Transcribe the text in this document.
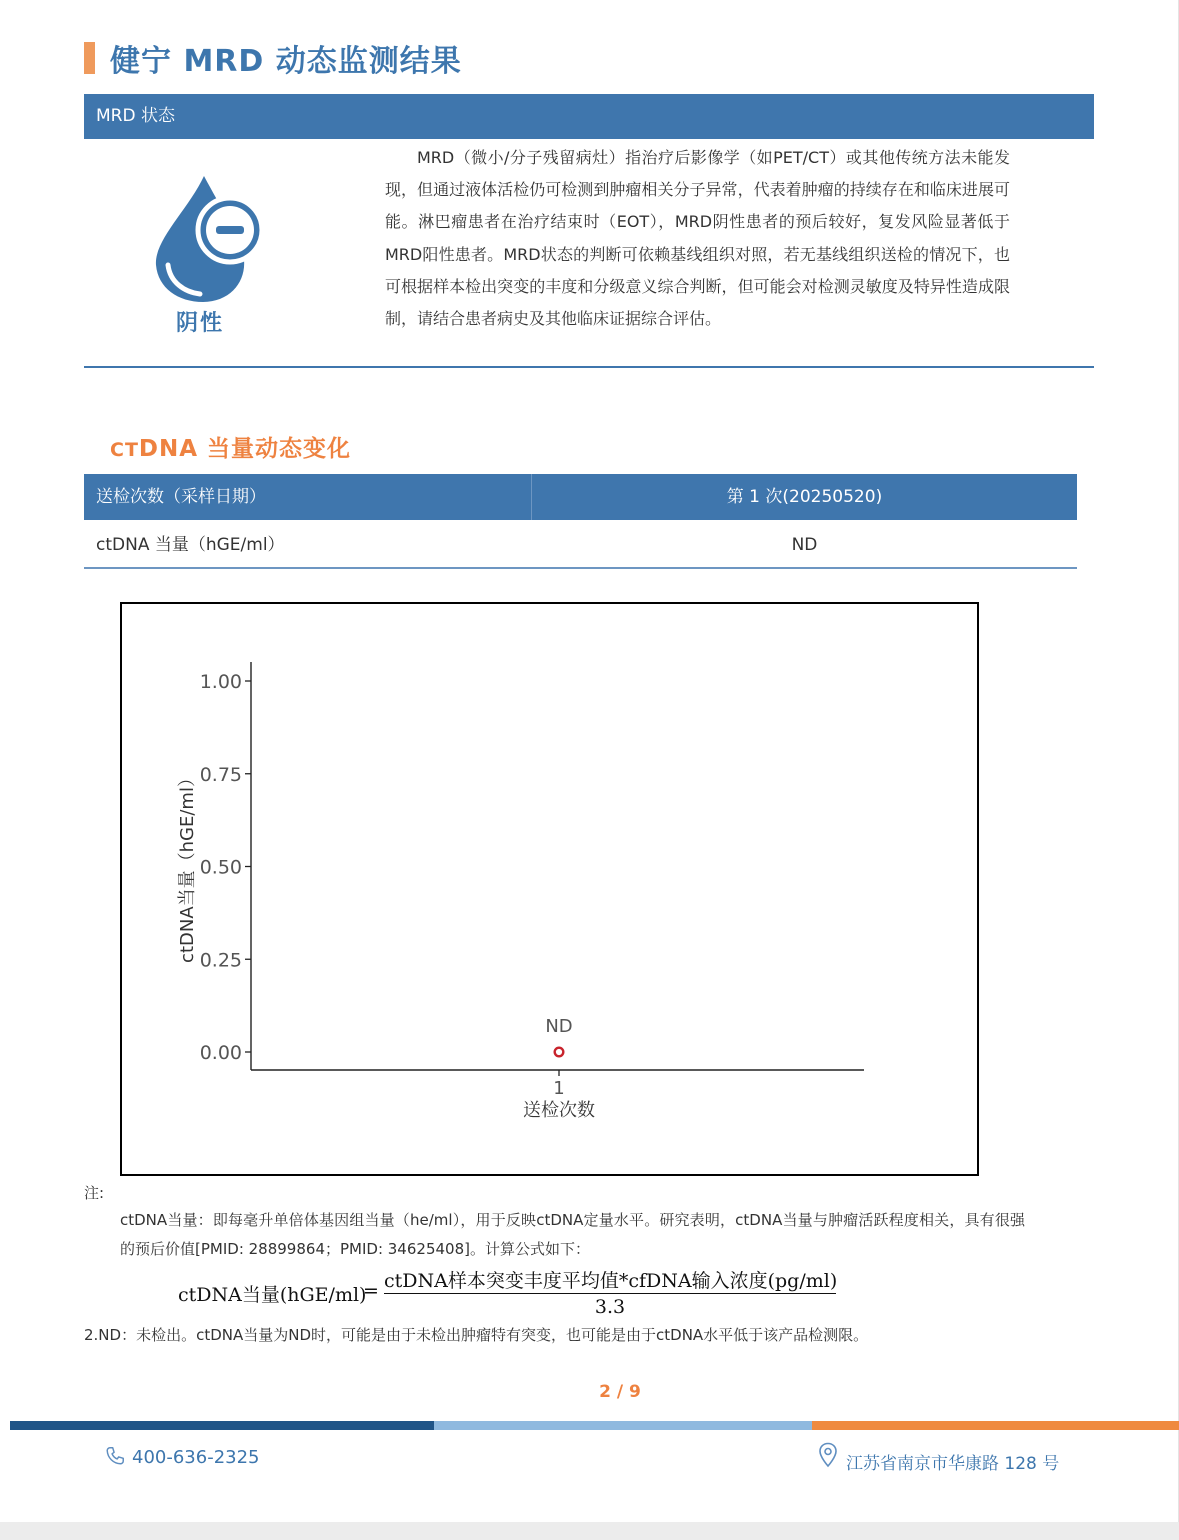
健宁 MRD 动态监测结果
MRD 状态
阴性

MRD（微小/分子残留病灶）指治疗后影像学（如PET/CT）或其他传统方法未能发现，但通过液体活检仍可检测到肿瘤相关分子异常，代表着肿瘤的持续存在和临床进展可能。淋巴瘤患者在治疗结束时（EOT），MRD阴性患者的预后较好，复发风险显著低于MRD阳性患者。MRD状态的判断可依赖基线组织对照，若无基线组织送检的情况下，也可根据样本检出突变的丰度和分级意义综合判断，但可能会对检测灵敏度及特异性造成限制，请结合患者病史及其他临床证据综合评估。

CTDNA 当量动态变化
送检次数（采样日期）	第 1 次(20250520)
ctDNA 当量（hGE/ml）	ND
0.00
0.25
0.50
0.75
1.00
1
送检次数
ctDNA当量（hGE/ml）
ND
注:

ctDNA当量：即每毫升单倍体基因组当量（he/ml），用于反映ctDNA定量水平。研究表明，ctDNA当量与肿瘤活跃程度相关，具有很强的预后价值[PMID: 28899864；PMID: 34625408]。计算公式如下：

ctDNA当量(hGE/ml)
= ctDNA样本突变丰度平均值*cfDNA输入浓度(pg/ml)
3.3
2.ND：未检出。ctDNA当量为ND时，可能是由于未检出肿瘤特有突变，也可能是由于ctDNA水平低于该产品检测限。
2 / 9
400-636-2325	江苏省南京市华康路 128 号
